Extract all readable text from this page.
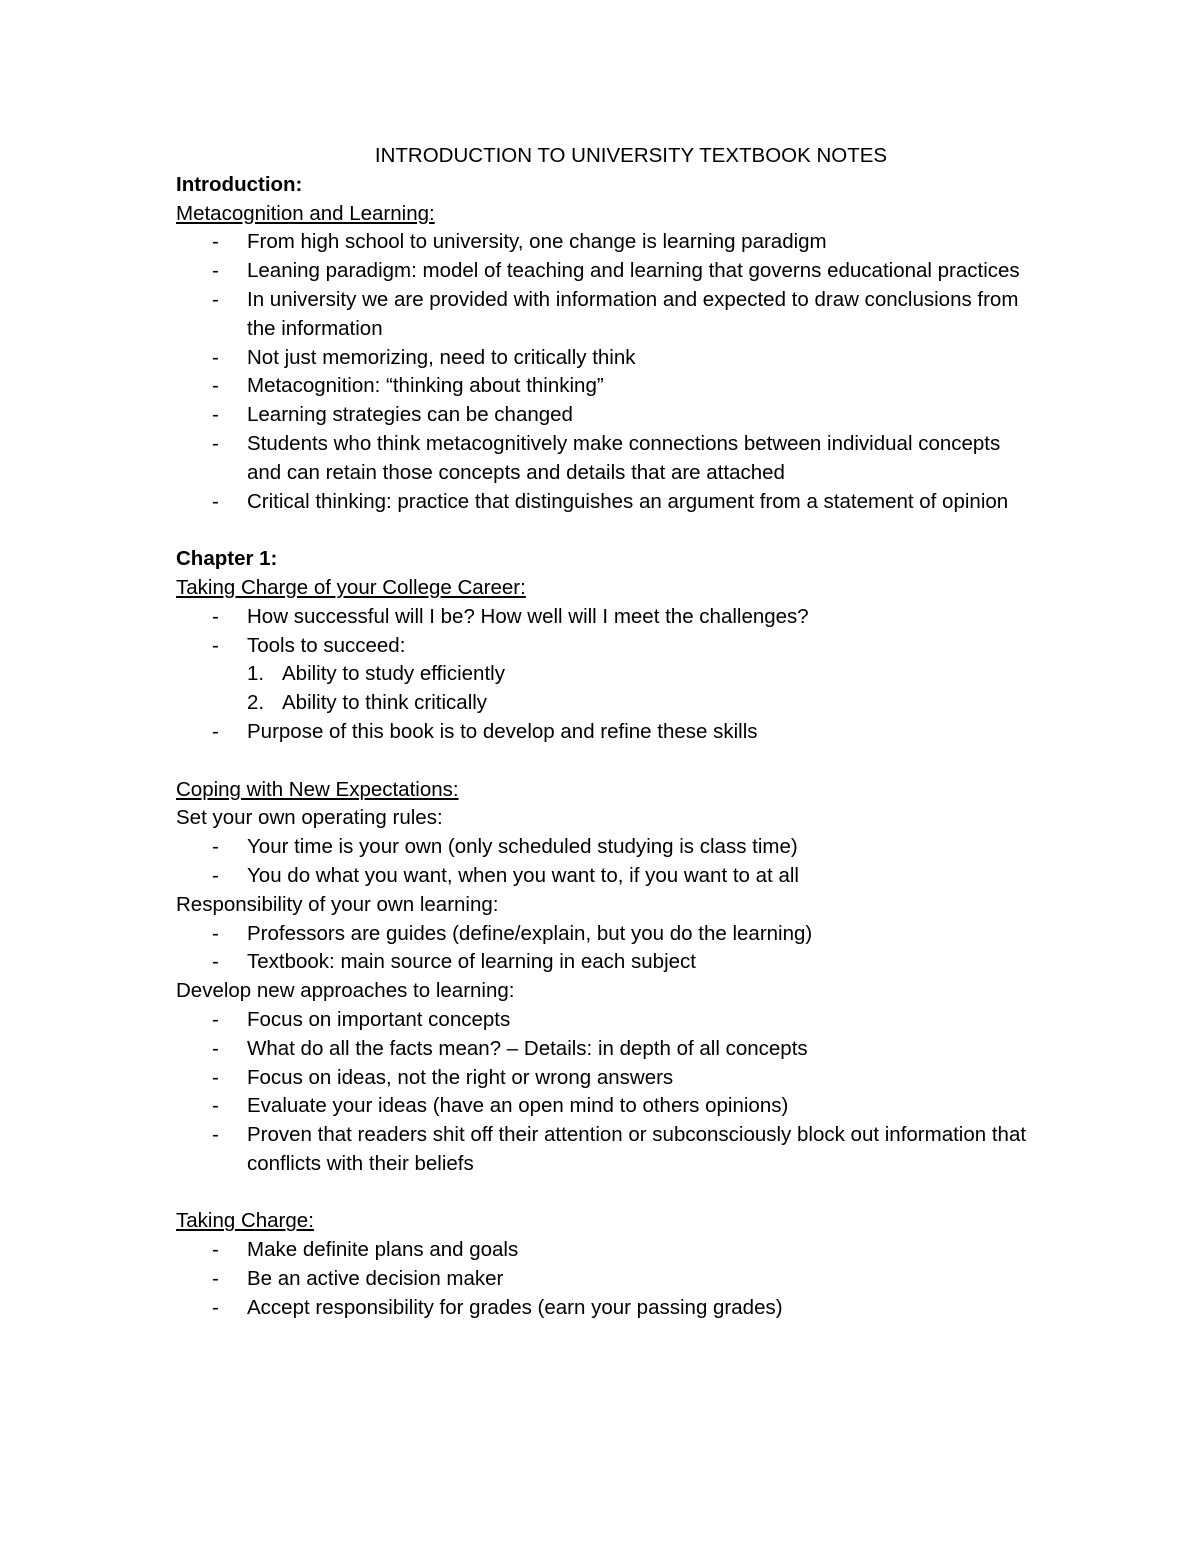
INTRODUCTION TO UNIVERSITY TEXTBOOK NOTES

Introduction:

Metacognition and Learning:

- From high school to university, one change is learning paradigm
- Leaning paradigm: model of teaching and learning that governs educational practices
- In university we are provided with information and expected to draw conclusions from the information
- Not just memorizing, need to critically think
- Metacognition: “thinking about thinking”
- Learning strategies can be changed
- Students who think metacognitively make connections between individual concepts and can retain those concepts and details that are attached
- Critical thinking: practice that distinguishes an argument from a statement of opinion

Chapter 1:

Taking Charge of your College Career:

- How successful will I be? How well will I meet the challenges?
- Tools to succeed:
1. Ability to study efficiently
2. Ability to think critically
- Purpose of this book is to develop and refine these skills

Coping with New Expectations:

Set your own operating rules:

- Your time is your own (only scheduled studying is class time)
- You do what you want, when you want to, if you want to at all

Responsibility of your own learning:

- Professors are guides (define/explain, but you do the learning)
- Textbook: main source of learning in each subject

Develop new approaches to learning:

- Focus on important concepts
- What do all the facts mean? – Details: in depth of all concepts
- Focus on ideas, not the right or wrong answers
- Evaluate your ideas (have an open mind to others opinions)
- Proven that readers shit off their attention or subconsciously block out information that conflicts with their beliefs

Taking Charge:

- Make definite plans and goals
- Be an active decision maker
- Accept responsibility for grades (earn your passing grades)
